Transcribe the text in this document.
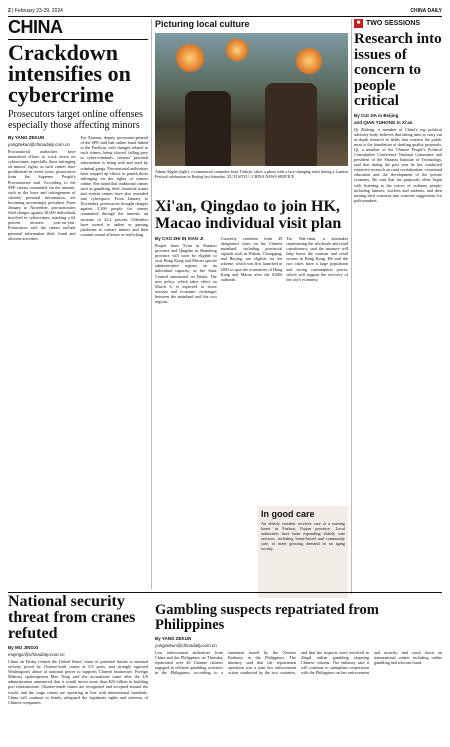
2 | February 23-29, 2024	CHINA DAILY
CHINA
Crackdown intensifies on cybercrime

Prosecutors target online offenses especially those affecting minors

By YANG ZEKUN
yangzekun@chinadaily.com.cn
Procuratorial authorities have intensified efforts to crack down on cybercrimes, especially those infringing on minors' rights, as such crimes have proliferated in recent years, prosecutors from the Supreme People's Procuratorate said. According to the SPP, crimes committed via the internet, such as the lease and infringement of citizens' personal information, are becoming increasingly prevalent. From January to November, procuratorates filed charges against 30,000 individuals involved in cybercrimes, marking a 64 percent increase year-on-year. Prosecutors said the crimes include personal information theft, fraud and obscene activities.
For Xiaoran, deputy procurator-general of the SPP, said that online fraud linked to the Pavilion, with changes related to such crimes, being slowed, falling prey to cyber-criminals, citizens' personal information is being sold and used by criminal gangs. Procuratorial authorities have stepped up efforts to punish those infringing on the rights of minors online. She noted that traditional crimes such as gambling, theft, financial scams and violent crimes have also extended into cyberspace. From January to November, prosecutors brought charges against 3,300 people for crimes committed through the internet, an increase of 22.2 percent. Offenders have turned to online or gaming platforms to contact minors and then commit sexual offenses or trafficking.
Picturing local culture
Adnan Akgün (right), a commercial counselor from Türkiye, takes a photo with a lace-changing artist during a Lantern Festival celebration in Beijing last Saturday. XU TIANYU / CHINA NEWS SERVICE
Xi'an, Qingdao to join HK, Macao individual visit plan
By CAO ZHI IN XIAO JI
People from Xi'an in Shaanxi province and Qingdao in Shandong province will soon be eligible to visit Hong Kong and Macao special administrative regions on an individual capacity, as the State Council announced on Friday. The new policy, which takes effect on March 6, is expected to boost tourism and economic exchanges between the mainland and the two regions.
Currently, residents from 49 designated cities on the Chinese mainland, including provincial capitals such as Wuhan, Chongqing, and Beijing, are eligible for the scheme, which was first launched in 2003 to spur the economies of Hong Kong and Macao after the SARS outbreak.
Tse Wai-chun, a lawmaker representing the wholesale and retail constituency, said the measure will help boost the tourism and retail sectors in Hong Kong. He said the two cities have a large population and strong consumption power, which will support the recovery of the city's economy.
In good care
An elderly resident receives care at a nursing home in Fuzhou, Fujian province. Local authorities have been expanding elderly care services, including home-based and community care, to meet growing demand in an aging society.
■ TWO SESSIONS
Research into issues of concern to people critical
By CUI JIA in Beijing
and QIAN YUHONG in Xi'an
Qi Zhifeng, a member of China's top political advisory body, believes that taking time to carry out in-depth research in fields that concern the public most is the foundation of drafting quality proposals. Qi, a member of the Chinese People's Political Consultative Conference National Committee and president of the Shaanxi Institute of Technology, said that during the past year he has conducted extensive research on rural revitalization, vocational education and the development of the private economy. He said that his proposals often begin with listening to the voices of ordinary people, including farmers, workers and students, and then turning their concerns into concrete suggestions for policymakers.
National security threat from cranes refuted
By MO JINGXI
mojingxi@chinadaily.com.cn
China on Friday refuted the United States' claim of potential threats to national security posed by Chinese-built cranes at US ports, and strongly opposed Washington's abuse of national power to suppress Chinese businesses. Foreign Ministry spokesperson Mao Ning said the accusations came after the US administration announced that it would invest more than $20 billion in building port infrastructure. Chinese-made cranes are recognized and accepted around the world, and the cargo cranes are operating in line with international standards. China will continue to firmly safeguard the legitimate rights and interests of Chinese companies.
Gambling suspects repatriated from Philippines
By YANG ZEKUN
yangzekun@chinadaily.com.cn
Law enforcement authorities from China and the Philippines on Thursday repatriated over 40 Chinese citizens engaged in offshore gambling activities in the Philippines, according to a statement issued by the Chinese Embassy in the Philippines. The ministry said that the repatriation operation was a joint law enforcement action conducted by the two countries, and that the suspects were involved in illegal online gambling targeting Chinese citizens. The embassy said it will continue to strengthen cooperation with the Philippines on law enforcement and security, and crack down on transnational crimes including online gambling and telecom fraud.
